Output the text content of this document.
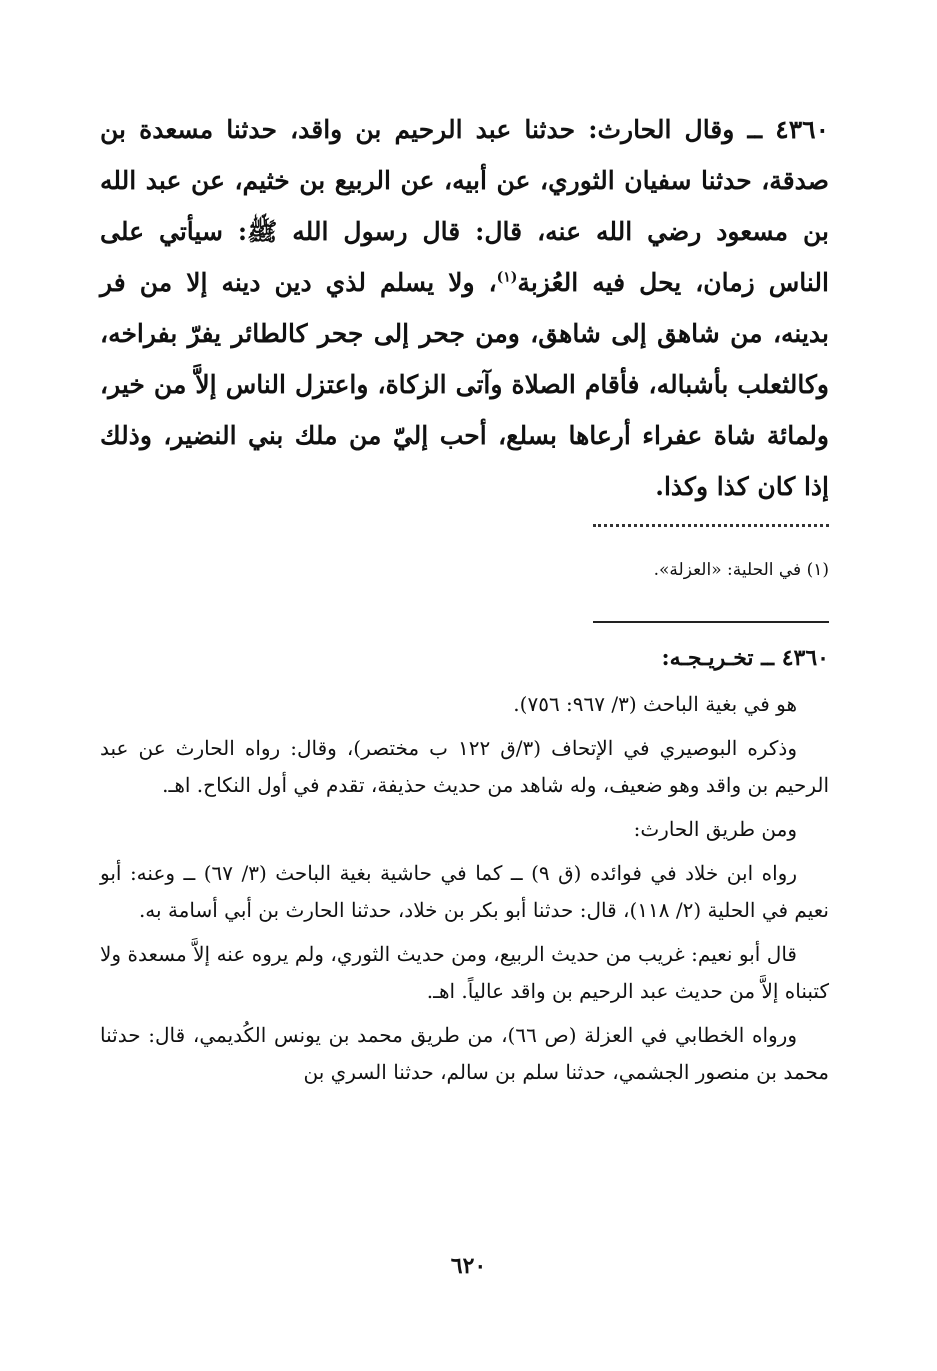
٤٣٦٠ ــ وقال الحارث: حدثنا عبد الرحيم بن واقد، حدثنا مسعدة بن صدقة، حدثنا سفيان الثوري، عن أبيه، عن الربيع بن خثيم، عن عبد الله بن مسعود رضي الله عنه، قال: قال رسول الله ﷺ: سيأتي على الناس زمان، يحل فيه العُزبة$^{(١)}$، ولا يسلم لذي دين دينه إلا من فر بدينه، من شاهق إلى شاهق، ومن جحر إلى جحر كالطائر يفرّ بفراخه، وكالثعلب بأشباله، فأقام الصلاة وآتى الزكاة، واعتزل الناس إلاَّ من خير، ولمائة شاة عفراء أرعاها بسلع، أحب إليّ من ملك بني النضير، وذلك إذا كان كذا وكذا.

(١) في الحلية: «العزلة».
٤٣٦٠ ــ تخـريـجـه:

هو في بغية الباحث (٣/ ٩٦٧: ٧٥٦).

وذكره البوصيري في الإتحاف (٣/ق ١٢٢ ب مختصر)، وقال: رواه الحارث عن عبد الرحيم بن واقد وهو ضعيف، وله شاهد من حديث حذيفة، تقدم في أول النكاح. اهـ.

ومن طريق الحارث:

رواه ابن خلاد في فوائده (ق ٩) ــ كما في حاشية بغية الباحث (٣/ ٦٧) ــ وعنه: أبو نعيم في الحلية (٢/ ١١٨)، قال: حدثنا أبو بكر بن خلاد، حدثنا الحارث بن أبي أسامة به.

قال أبو نعيم: غريب من حديث الربيع، ومن حديث الثوري، ولم يروه عنه إلاَّ مسعدة ولا كتبناه إلاَّ من حديث عبد الرحيم بن واقد عالياً. اهـ.

ورواه الخطابي في العزلة (ص ٦٦)، من طريق محمد بن يونس الكُديمي، قال: حدثنا محمد بن منصور الجشمي، حدثنا سلم بن سالم، حدثنا السري بن

٦٢٠
